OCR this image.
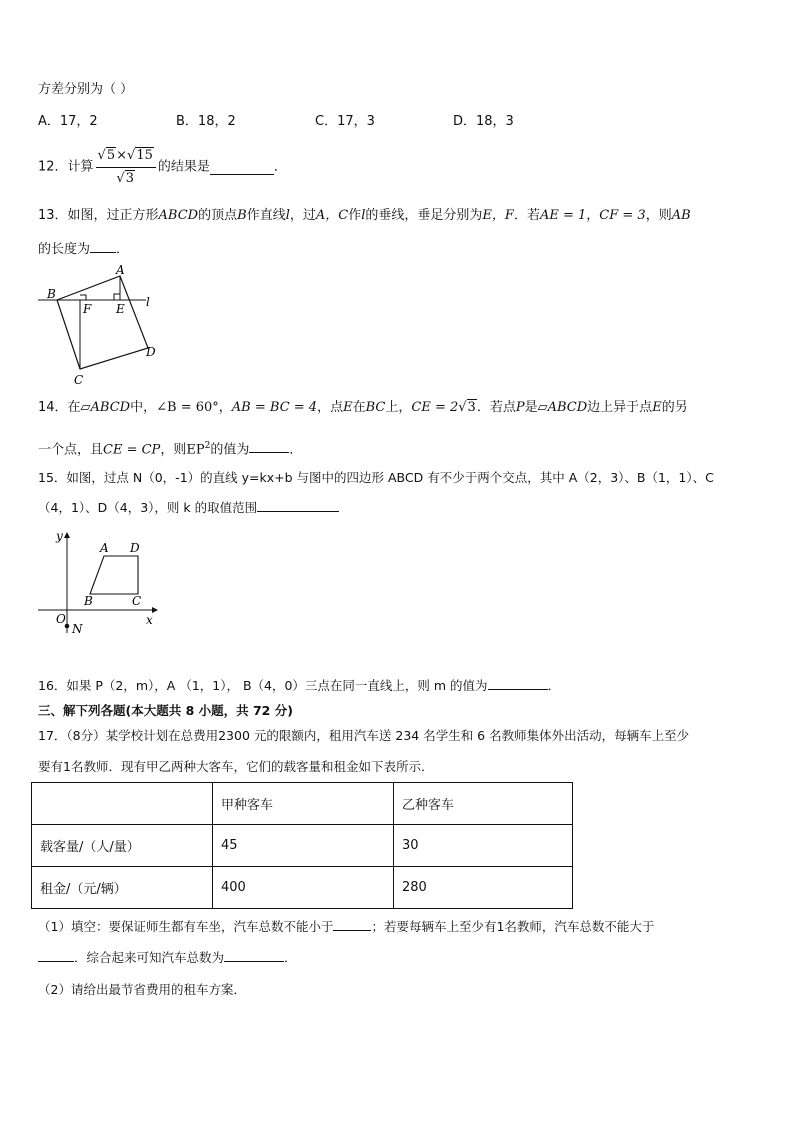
方差分别为（ ）
A．17，2	B．18，2	C．17，3	D．18，3
12．计算 $\frac{√5\times√15}{√3}$ 的结果是	．
13．如图，过正方形ABCD的顶点B作直线l，过A，C作l的垂线，垂足分别为E，F．若AE = 1，CF = 3，则AB
的长度为 ．
A
B
C
D
E
F	l
14．在▱ABCD中，∠B = 60°，AB = BC = 4，点E在BC上，CE = 2√3．若点P是▱ABCD边上异于点E的另
一个点，且CE = CP，则$EP^2$的值为	．
15．如图，过点 N（0，-1）的直线 y=kx+b 与图中的四边形 ABCD 有不少于两个交点，其中 A（2，3）、B（1，1）、C
（4，1）、D（4，3），则 k 的取值范围
y
x
O
N
A D
B	C
16．如果 P（2，m），A （1，1）， B（4，0）三点在同一直线上，则 m 的值为	．
三、解下列各题(本大题共 8 小题，共 72 分)
17．（8分）某学校计划在总费用2300 元的限额内，租用汽车送 234 名学生和 6 名教师集体外出活动，每辆车上至少
要有1名教师．现有甲乙两种大客车，它们的载客量和租金如下表所示．
	甲种客车	乙种客车
载客量/（人/量）	45	30
租金/（元/辆）	400	280
（1）填空：要保证师生都有车坐，汽车总数不能小于	；若要每辆车上至少有1名教师，汽车总数不能大于
．综合起来可知汽车总数为	．
（2）请给出最节省费用的租车方案．
